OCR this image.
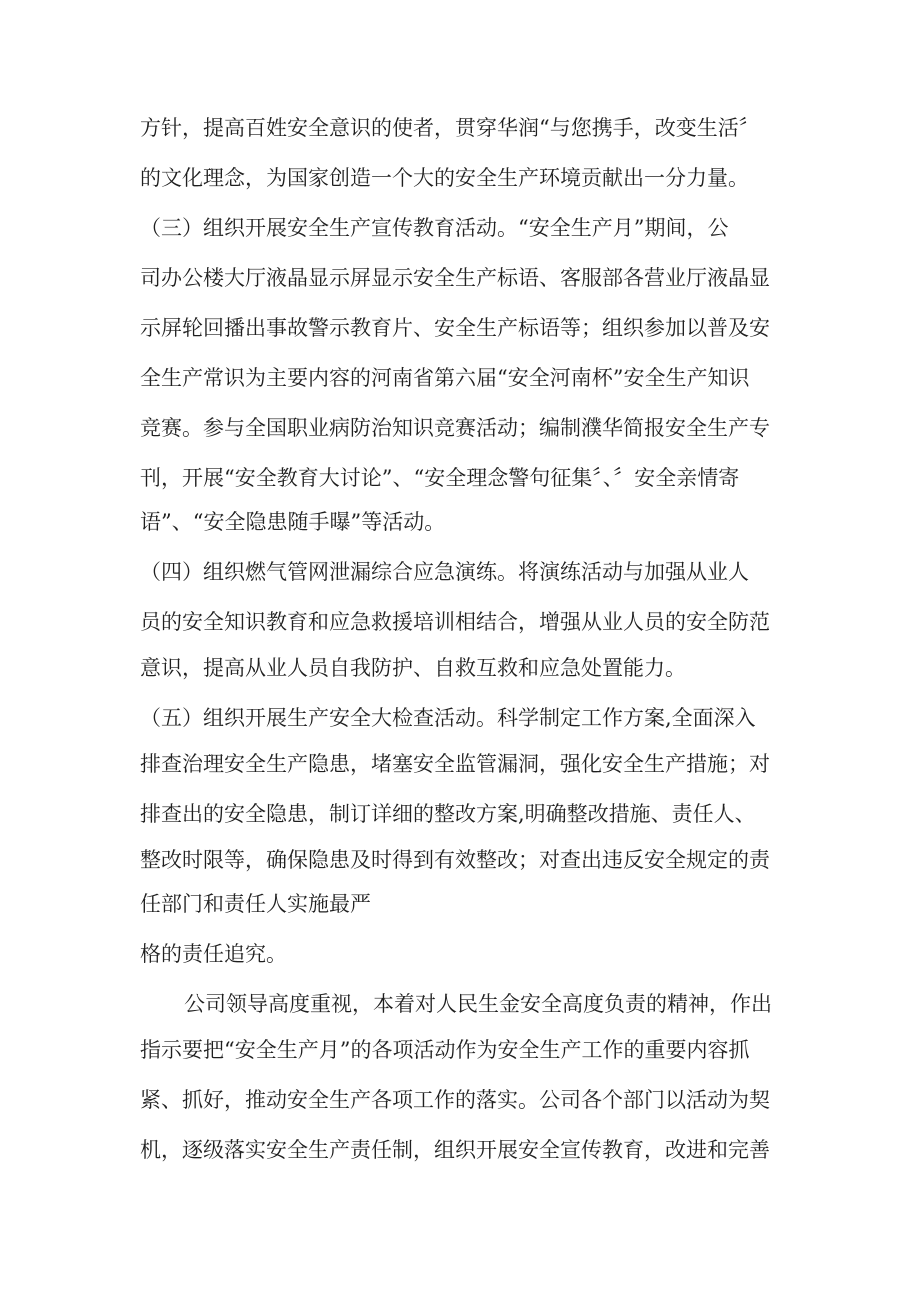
方针，提高百姓安全意识的使者，贯穿华润“与您携手，改变生活〞

的文化理念，为国家创造一个大的安全生产环境贡献出一分力量。

（三）组织开展安全生产宣传教育活动。“安全生产月”期间，公

司办公楼大厅液晶显示屏显示安全生产标语、客服部各营业厅液晶显

示屏轮回播出事故警示教育片、安全生产标语等；组织参加以普及安

全生产常识为主要内容的河南省第六届“安全河南杯”安全生产知识

竞赛。参与全国职业病防治知识竞赛活动；编制濮华简报安全生产专

刊，开展“安全教育大讨论”、“安全理念警句征集〞、〞安全亲情寄

语”、“安全隐患随手曝”等活动。

（四）组织燃气管网泄漏综合应急演练。将演练活动与加强从业人

员的安全知识教育和应急救援培训相结合，增强从业人员的安全防范

意识，提高从业人员自我防护、自救互救和应急处置能力。

（五）组织开展生产安全大检查活动。科学制定工作方案,全面深入

排查治理安全生产隐患，堵塞安全监管漏洞，强化安全生产措施；对

排查出的安全隐患，制订详细的整改方案,明确整改措施、责任人、

整改时限等，确保隐患及时得到有效整改；对查出违反安全规定的责

任部门和责任人实施最严

格的责任追究。

公司领导高度重视，本着对人民生金安全高度负责的精神，作出

指示要把“安全生产月”的各项活动作为安全生产工作的重要内容抓

紧、抓好，推动安全生产各项工作的落实。公司各个部门以活动为契

机，逐级落实安全生产责任制，组织开展安全宣传教育，改进和完善
